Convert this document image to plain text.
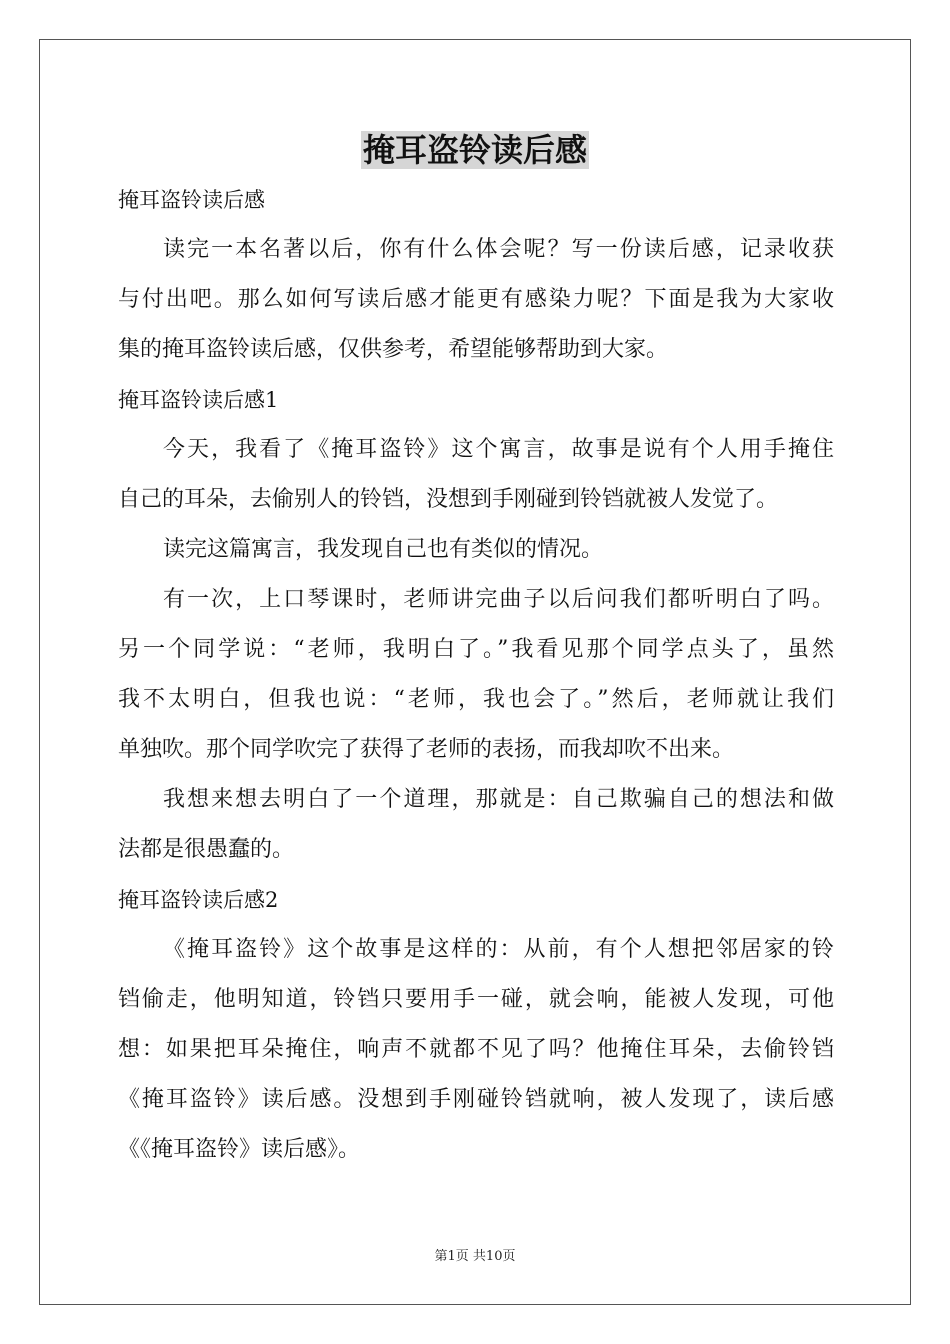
掩耳盗铃读后感
掩耳盗铃读后感
读完一本名著以后，你有什么体会呢？写一份读后感，记录收获
与付出吧。那么如何写读后感才能更有感染力呢？下面是我为大家收
集的掩耳盗铃读后感，仅供参考，希望能够帮助到大家。
掩耳盗铃读后感1
今天，我看了《掩耳盗铃》这个寓言，故事是说有个人用手掩住
自己的耳朵，去偷别人的铃铛，没想到手刚碰到铃铛就被人发觉了。
读完这篇寓言，我发现自己也有类似的情况。
有一次，上口琴课时，老师讲完曲子以后问我们都听明白了吗。
另一个同学说：“老师，我明白了。”我看见那个同学点头了，虽然
我不太明白，但我也说：“老师，我也会了。”然后，老师就让我们
单独吹。那个同学吹完了获得了老师的表扬，而我却吹不出来。
我想来想去明白了一个道理，那就是：自己欺骗自己的想法和做
法都是很愚蠢的。
掩耳盗铃读后感2
《掩耳盗铃》这个故事是这样的：从前，有个人想把邻居家的铃
铛偷走，他明知道，铃铛只要用手一碰，就会响，能被人发现，可他
想：如果把耳朵掩住，响声不就都不见了吗？他掩住耳朵，去偷铃铛
《掩耳盗铃》读后感。没想到手刚碰铃铛就响，被人发现了，读后感
《《掩耳盗铃》读后感》。
第1页 共10页
